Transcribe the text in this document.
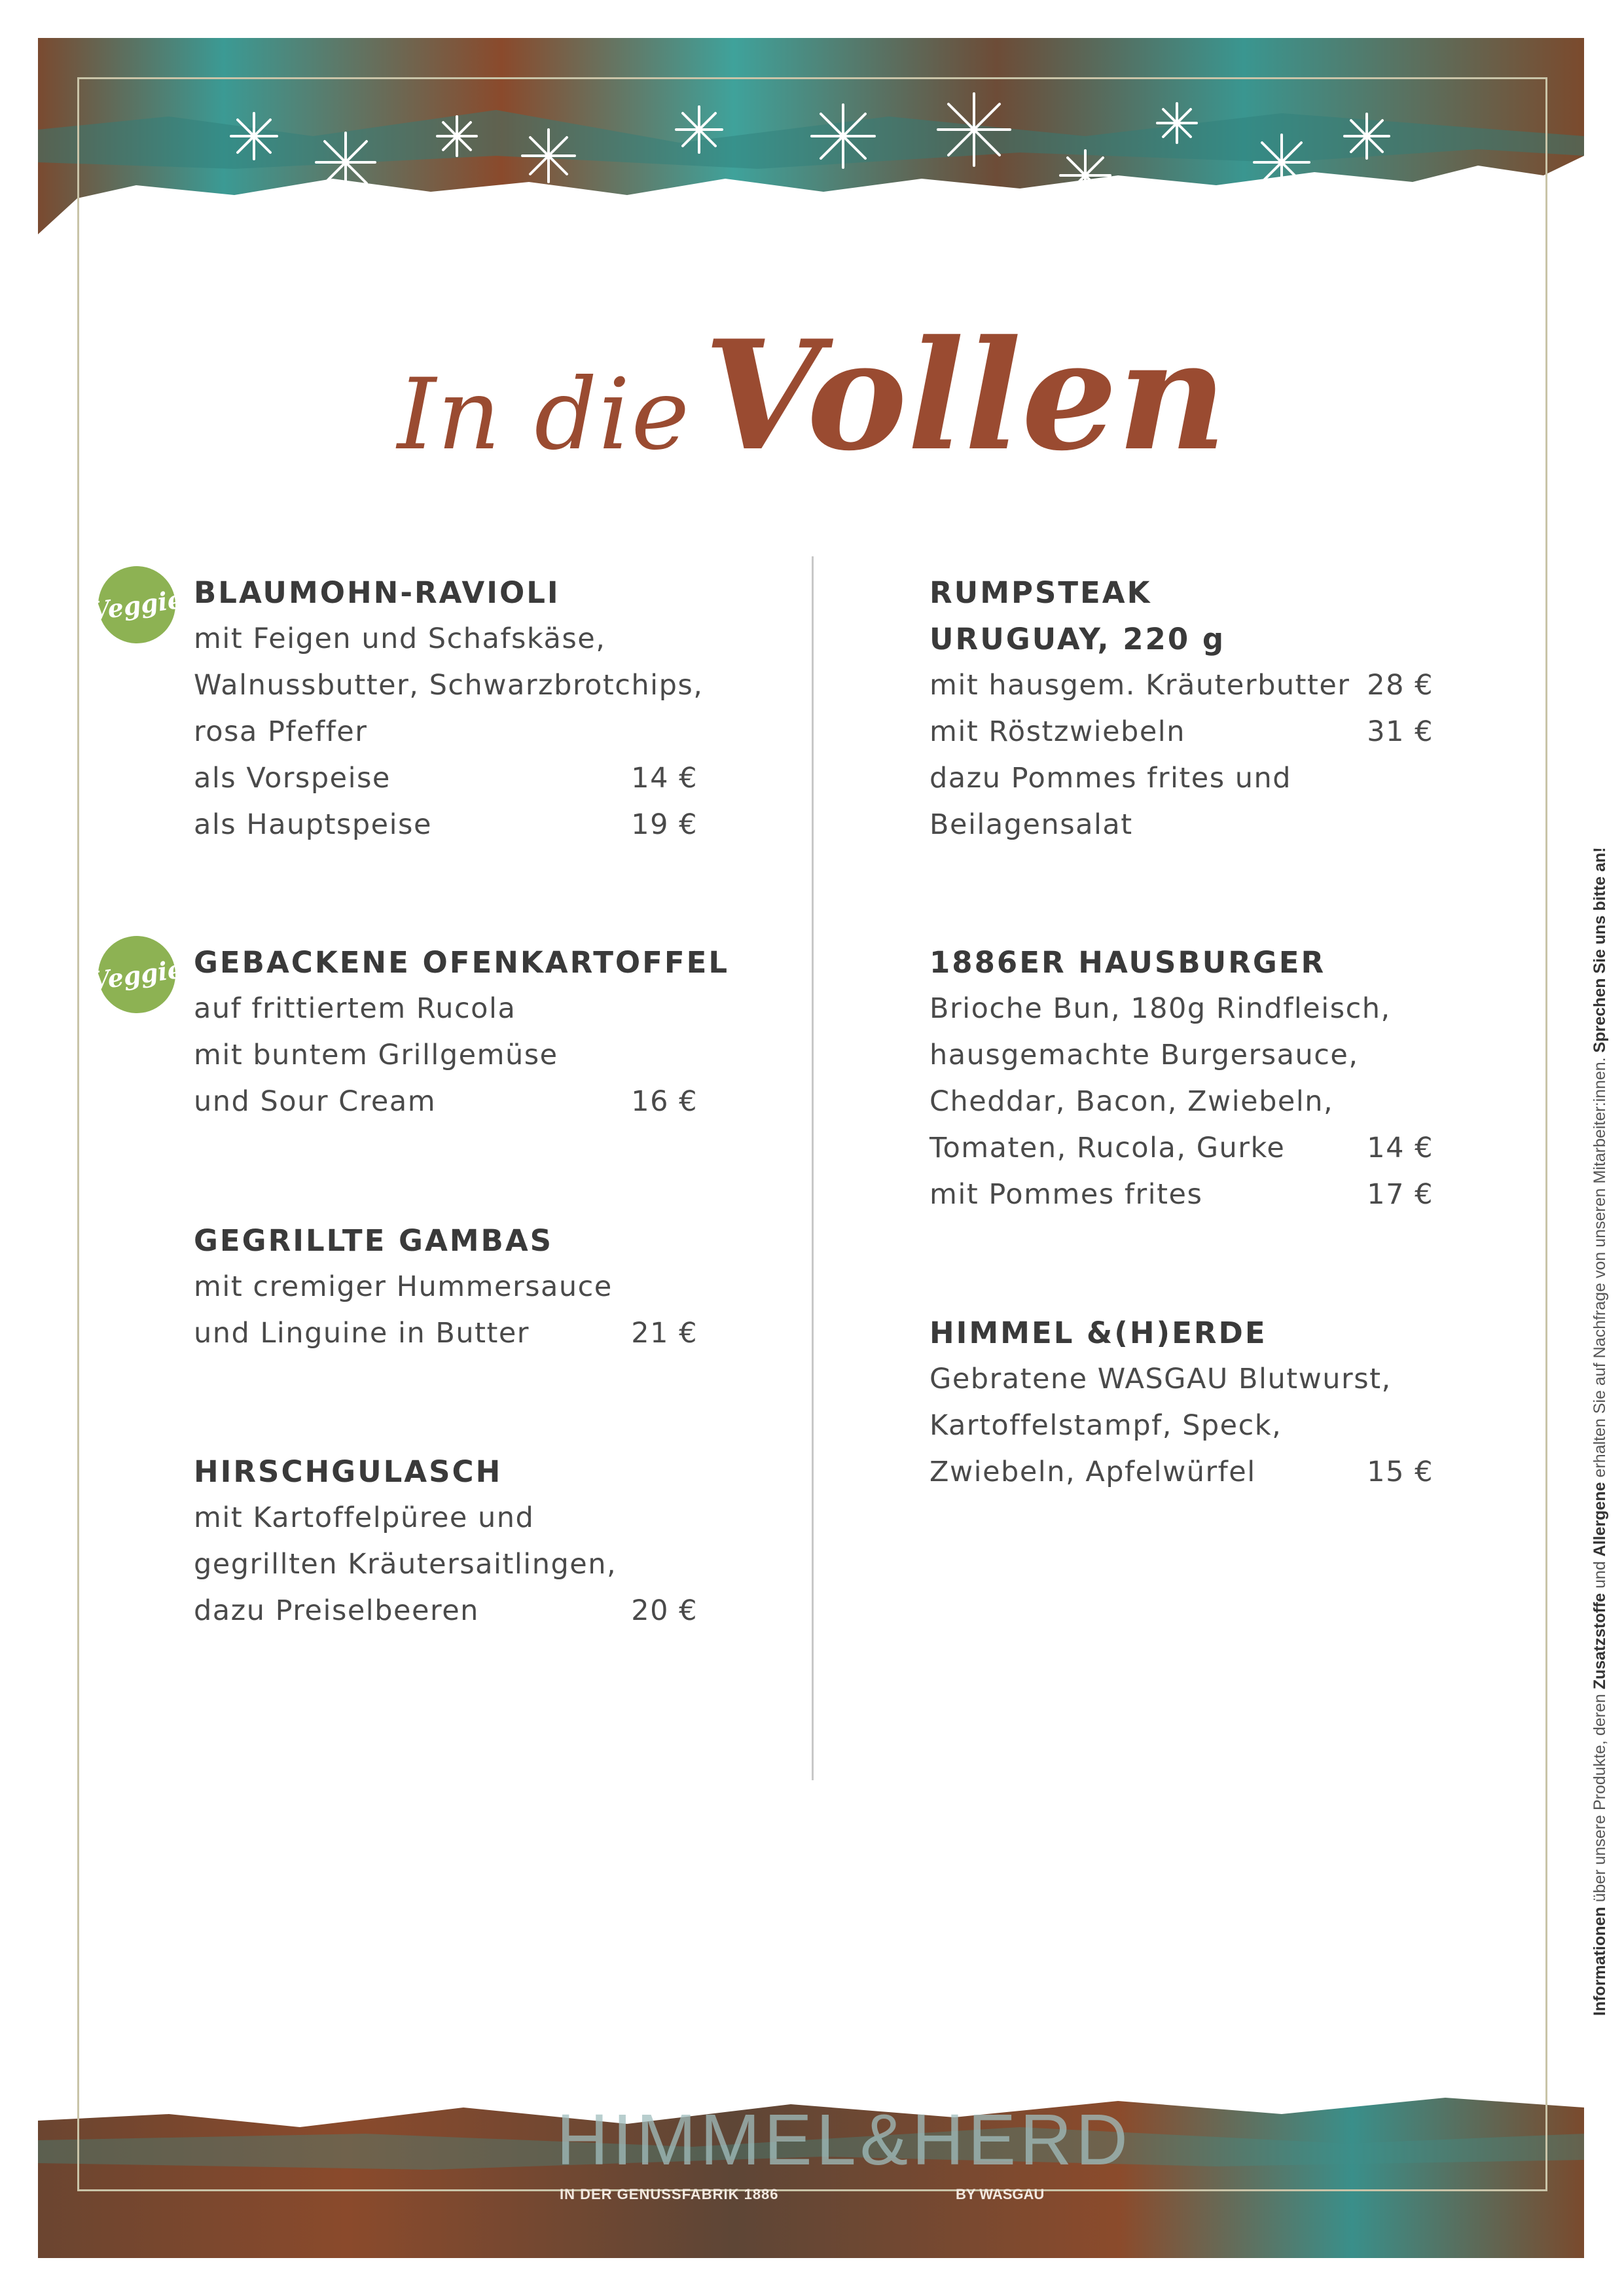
In dieVollen
Veggie BLAUMOHN-RAVIOLI
mit Feigen und Schafskäse,
Walnussbutter, Schwarzbrotchips,
rosa Pfeffer
als Vorspeise	14 €
als Hauptspeise	19 €
Veggie GEBACKENE OFENKARTOFFEL
auf frittiertem Rucola
mit buntem Grillgemüse
und Sour Cream	16 €
GEGRILLTE GAMBAS
mit cremiger Hummersauce
und Linguine in Butter	21 €
HIRSCHGULASCH
mit Kartoffelpüree und
gegrillten Kräutersaitlingen,
dazu Preiselbeeren	20 €
RUMPSTEAK
URUGUAY, 220 g
mit hausgem. Kräuterbutter 28 €
mit Röstzwiebeln	31 €
dazu Pommes frites und
Beilagensalat
1886ER HAUSBURGER
Brioche Bun, 180g Rindfleisch,
hausgemachte Burgersauce,
Cheddar, Bacon, Zwiebeln,
Tomaten, Rucola, Gurke	14 €
mit Pommes frites	17 €
HIMMEL &(H)ERDE
Gebratene WASGAU Blutwurst,
Kartoffelstampf, Speck,
Zwiebeln, Apfelwürfel	15 €
Informationen über unsere Produkte, deren Zusatzstoffe und Allergene erhalten Sie auf Nachfrage von unseren Mitarbeiter:innen. Sprechen Sie uns bitte an!
HIMMEL&HERD
IN DER GENUSSFABRIK 1886	BY WASGAU
